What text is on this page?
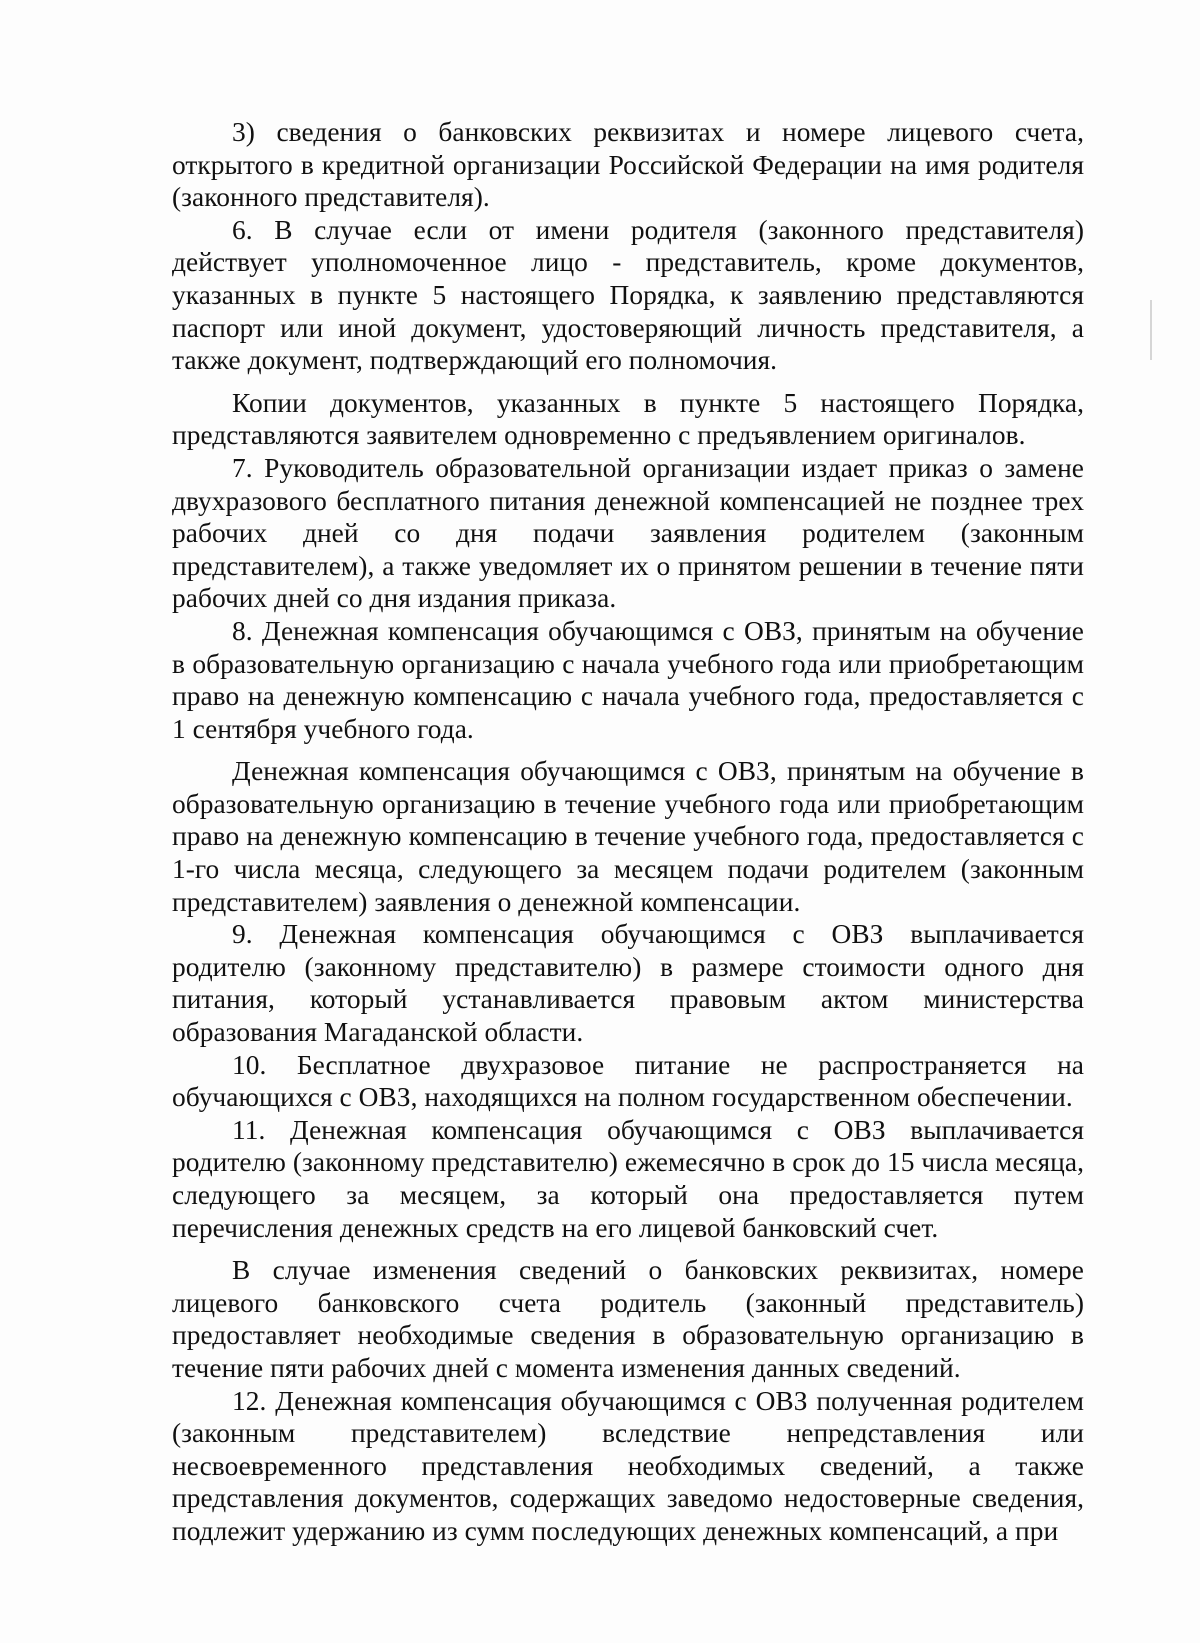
3) сведения о банковских реквизитах и номере лицевого счета, открытого в кредитной организации Российской Федерации на имя родителя (законного представителя).

6. В случае если от имени родителя (законного представителя) действует уполномоченное лицо - представитель, кроме документов, указанных в пункте 5 настоящего Порядка, к заявлению представляются паспорт или иной документ, удостоверяющий личность представителя, а также документ, подтверждающий его полномочия.

Копии документов, указанных в пункте 5 настоящего Порядка, представляются заявителем одновременно с предъявлением оригиналов.

7. Руководитель образовательной организации издает приказ о замене двухразового бесплатного питания денежной компенсацией не позднее трех рабочих дней со дня подачи заявления родителем (законным представителем), а также уведомляет их о принятом решении в течение пяти рабочих дней со дня издания приказа.

8. Денежная компенсация обучающимся с ОВЗ, принятым на обучение в образовательную организацию с начала учебного года или приобретающим право на денежную компенсацию с начала учебного года, предоставляется с 1 сентября учебного года.

Денежная компенсация обучающимся с ОВЗ, принятым на обучение в образовательную организацию в течение учебного года или приобретающим право на денежную компенсацию в течение учебного года, предоставляется с 1-го числа месяца, следующего за месяцем подачи родителем (законным представителем) заявления о денежной компенсации.

9. Денежная компенсация обучающимся с ОВЗ выплачивается родителю (законному представителю) в размере стоимости одного дня питания, который устанавливается правовым актом министерства образования Магаданской области.

10. Бесплатное двухразовое питание не распространяется на обучающихся с ОВЗ, находящихся на полном государственном обеспечении.

11. Денежная компенсация обучающимся с ОВЗ выплачивается родителю (законному представителю) ежемесячно в срок до 15 числа месяца, следующего за месяцем, за который она предоставляется путем перечисления денежных средств на его лицевой банковский счет.

В случае изменения сведений о банковских реквизитах, номере лицевого банковского счета родитель (законный представитель) предоставляет необходимые сведения в образовательную организацию в течение пяти рабочих дней с момента изменения данных сведений.

12. Денежная компенсация обучающимся с ОВЗ полученная родителем (законным представителем) вследствие непредставления или несвоевременного представления необходимых сведений, а также представления документов, содержащих заведомо недостоверные сведения, подлежит удержанию из сумм последующих денежных компенсаций, а при
